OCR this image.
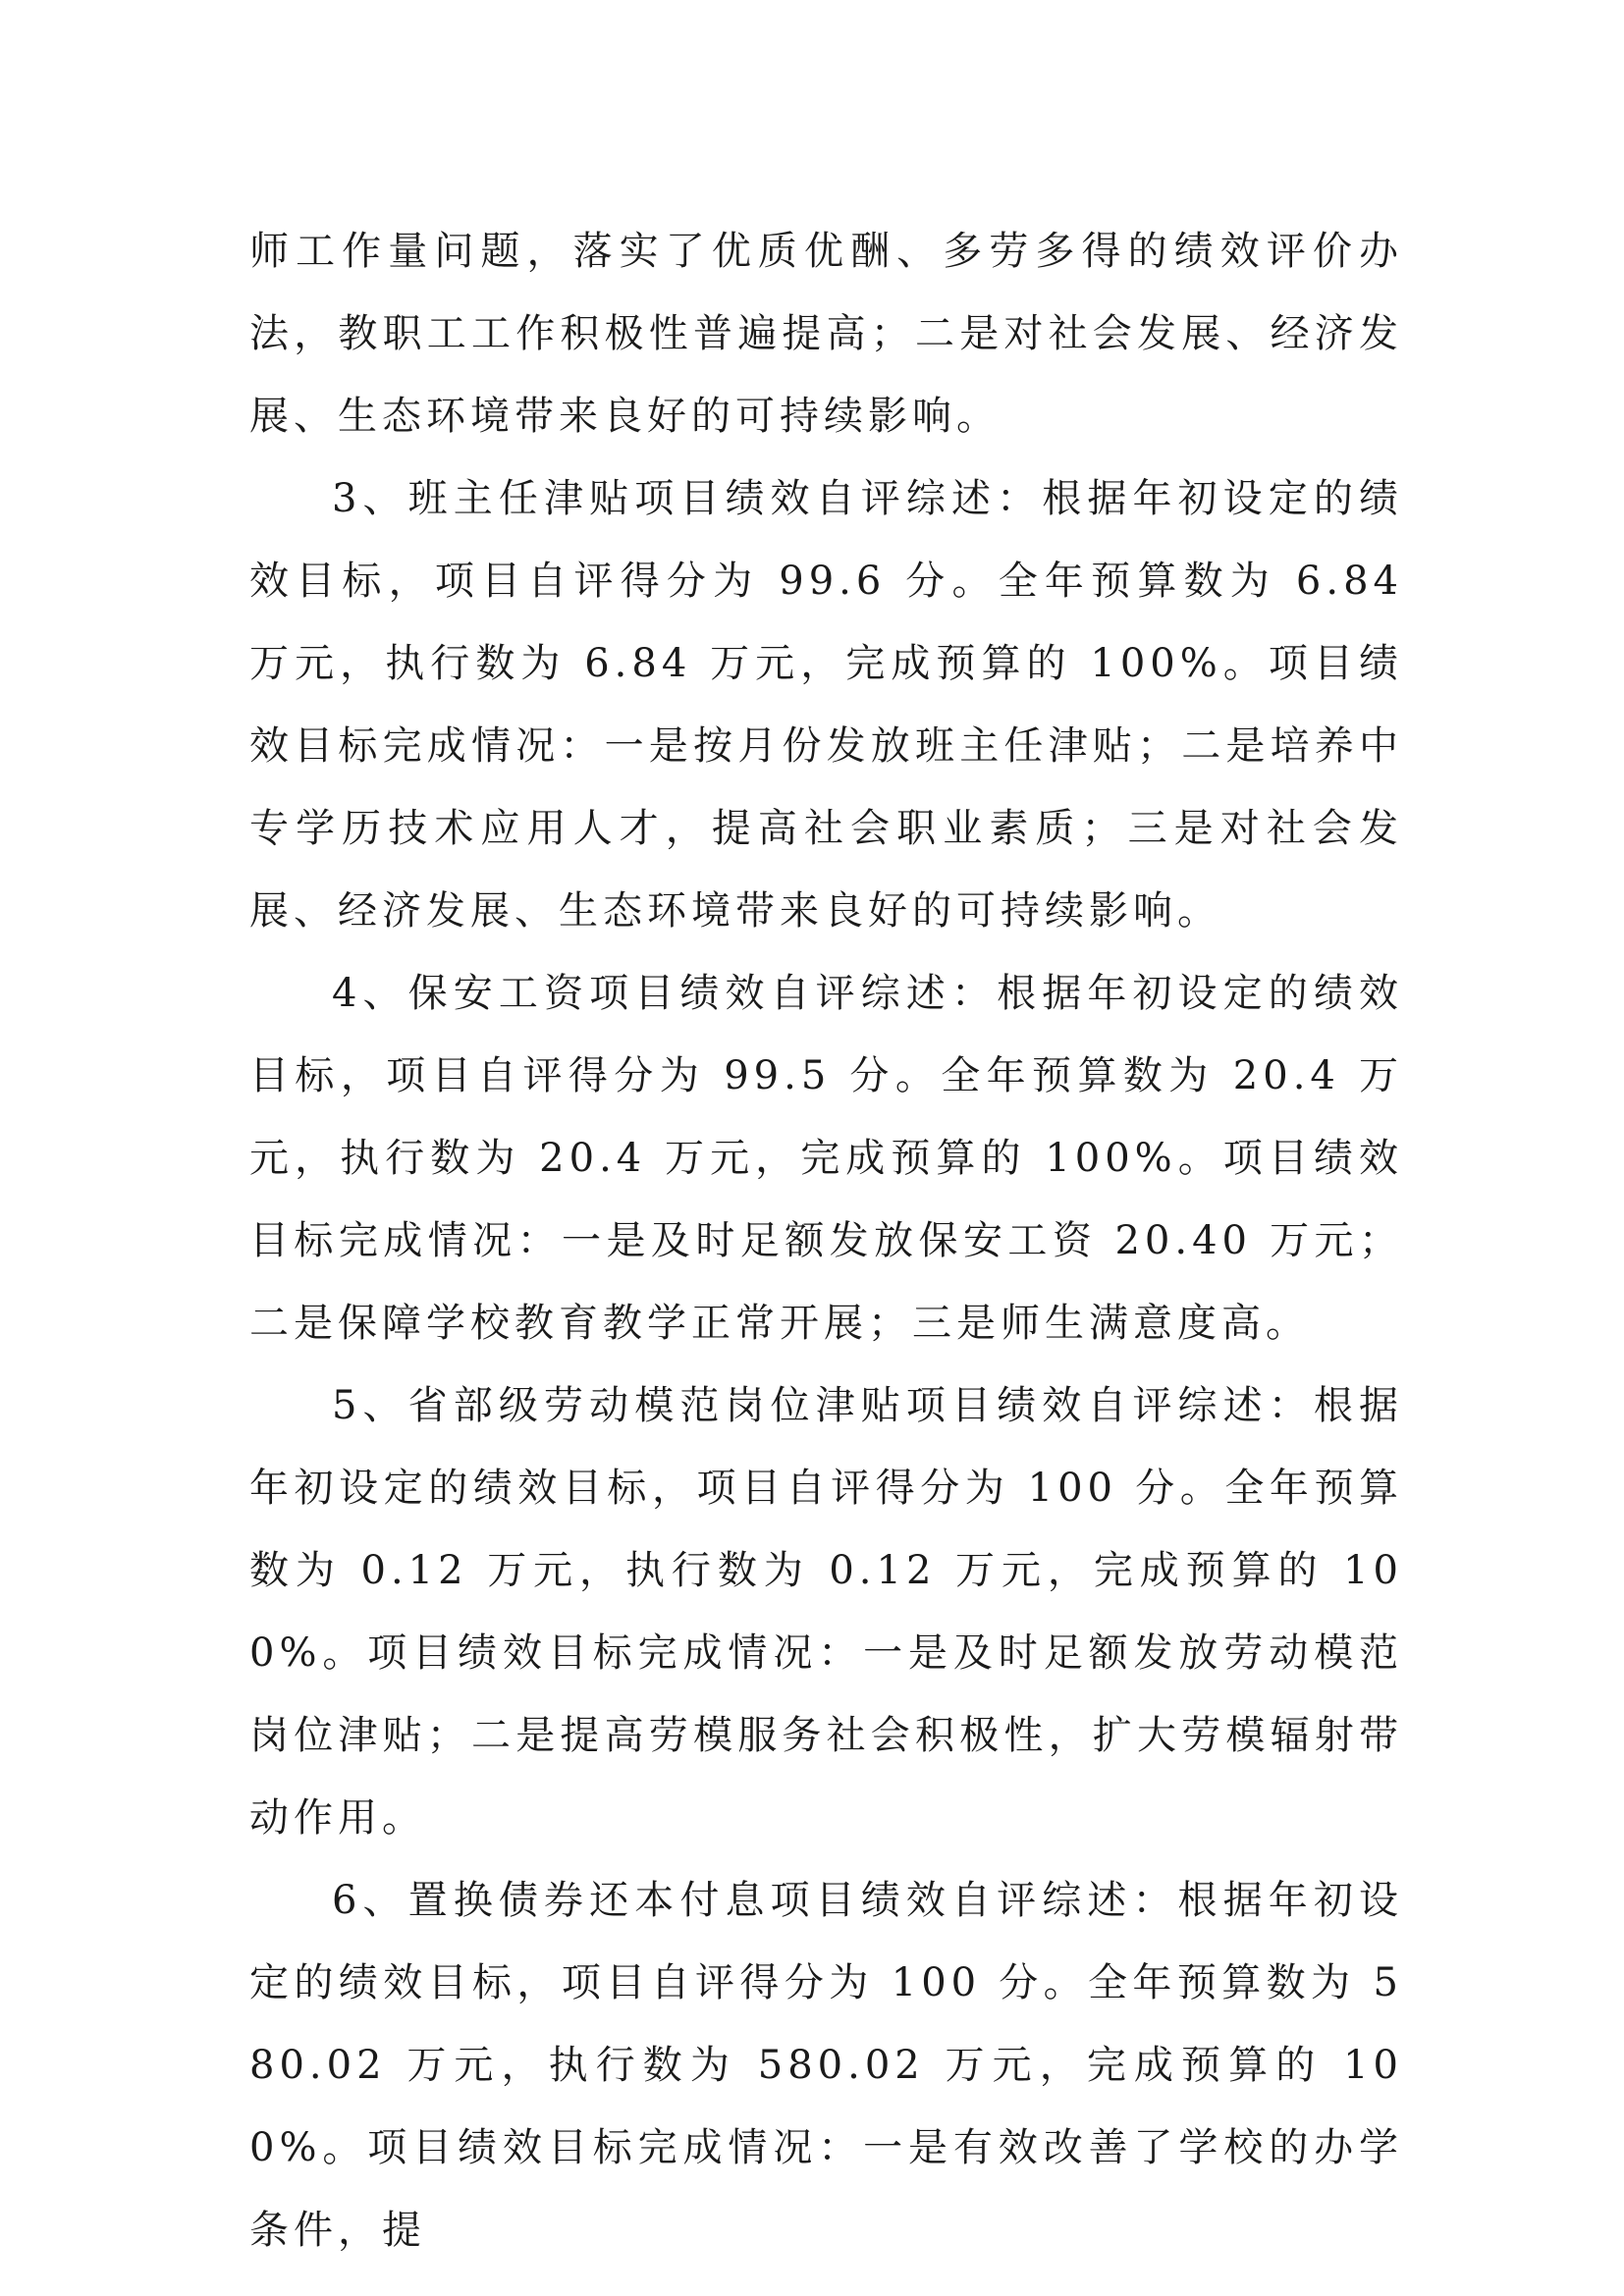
师工作量问题，落实了优质优酬、多劳多得的绩效评价办法，教职工工作积极性普遍提高；二是对社会发展、经济发展、生态环境带来良好的可持续影响。

3、班主任津贴项目绩效自评综述：根据年初设定的绩效目标，项目自评得分为 99.6 分。全年预算数为 6.84 万元，执行数为 6.84 万元，完成预算的 100%。项目绩效目标完成情况：一是按月份发放班主任津贴；二是培养中专学历技术应用人才，提高社会职业素质；三是对社会发展、经济发展、生态环境带来良好的可持续影响。

4、保安工资项目绩效自评综述：根据年初设定的绩效目标，项目自评得分为 99.5 分。全年预算数为 20.4 万元，执行数为 20.4 万元，完成预算的 100%。项目绩效目标完成情况：一是及时足额发放保安工资 20.40 万元；二是保障学校教育教学正常开展；三是师生满意度高。

5、省部级劳动模范岗位津贴项目绩效自评综述：根据年初设定的绩效目标，项目自评得分为 100 分。全年预算数为 0.12 万元，执行数为 0.12 万元，完成预算的 100%。项目绩效目标完成情况：一是及时足额发放劳动模范岗位津贴；二是提高劳模服务社会积极性，扩大劳模辐射带动作用。

6、置换债券还本付息项目绩效自评综述：根据年初设定的绩效目标，项目自评得分为 100 分。全年预算数为 580.02 万元，执行数为 580.02 万元，完成预算的 100%。项目绩效目标完成情况：一是有效改善了学校的办学条件，提
